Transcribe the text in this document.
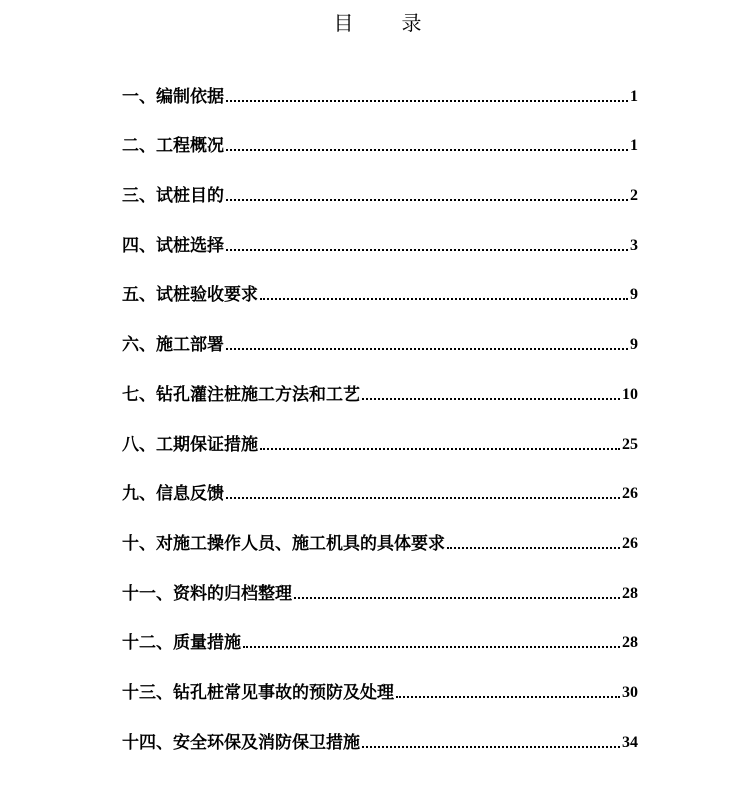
目录
一、编制依据	1
二、工程概况	1
三、试桩目的	2
四、试桩选择	3
五、试桩验收要求	9
六、施工部署	9
七、钻孔灌注桩施工方法和工艺	10
八、工期保证措施	25
九、信息反馈	26
十、对施工操作人员、施工机具的具体要求	26
十一、资料的归档整理	28
十二、质量措施	28
十三、钻孔桩常见事故的预防及处理	30
十四、安全环保及消防保卫措施	34
